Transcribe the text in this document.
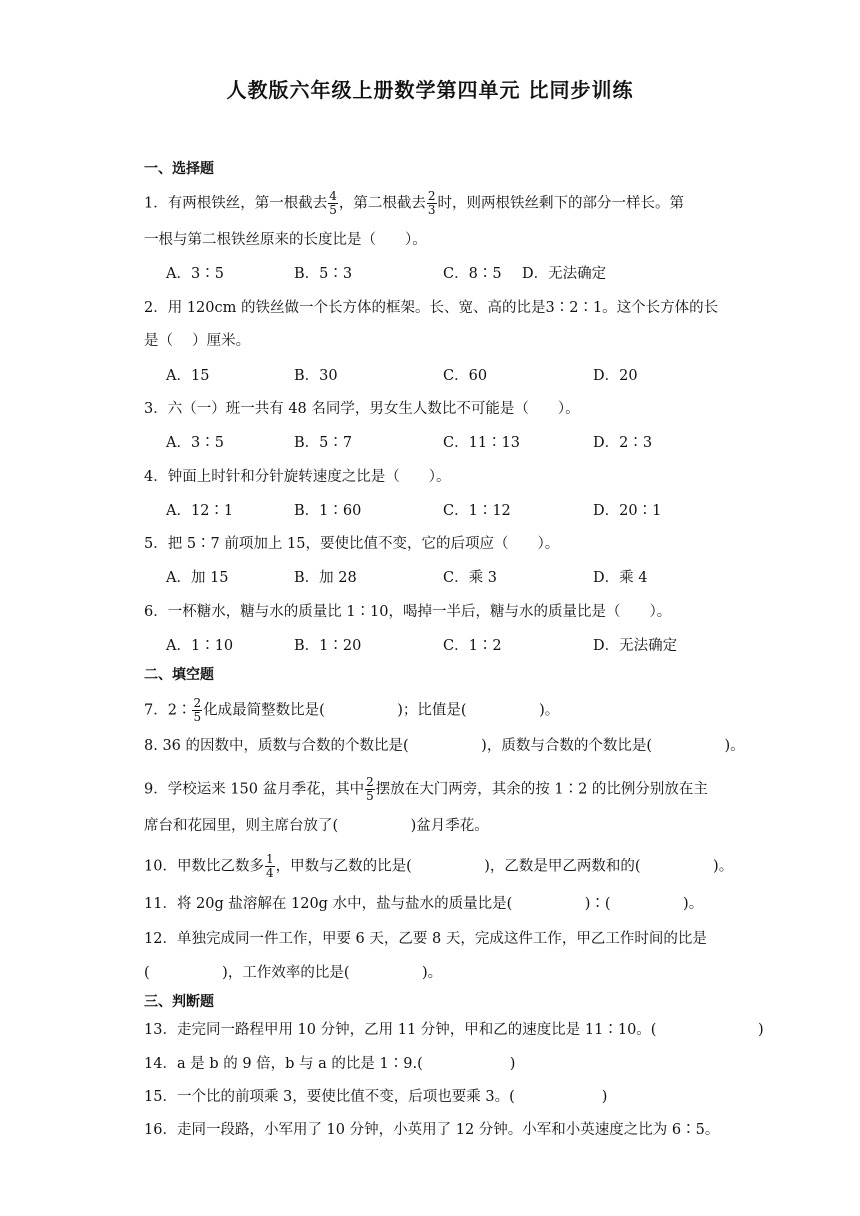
人教版六年级上册数学第四单元 比同步训练
一、选择题
1．有两根铁丝，第一根截去 $\frac{4}{5}$ ，第二根截去 $\frac{2}{3}$ 时，则两根铁丝剩下的部分一样长。第
一根与第二根铁丝原来的长度比是（　　）。
A．3∶5	B．5∶3	C．8∶5 D．无法确定
2．用 120cm 的铁丝做一个长方体的框架。长、宽、高的比是3∶2∶1。这个长方体的长
是（　 ）厘米。
A．15	B．30	C．60	D．20
3．六（一）班一共有 48 名同学，男女生人数比不可能是（　　）。
A．3∶5	B．5∶7	C．11∶13	D．2∶3
4．钟面上时针和分针旋转速度之比是（　　）。
A．12∶1	B．1∶60	C．1∶12	D．20∶1
5．把 5∶7 前项加上 15，要使比值不变，它的后项应（　　）。
A．加 15	B．加 28	C．乘 3	D．乘 4
6．一杯糖水，糖与水的质量比 1∶10，喝掉一半后，糖与水的质量比是（　　）。
A．1∶10	B．1∶20	C．1∶2	D．无法确定
二、填空题
7．2∶ $\frac{2}{5}$ 化成最简整数比是(　　　　　)；比值是(　　　　　)。
8. 36 的因数中，质数与合数的个数比是(　　　　　)，质数与合数的个数比是(　　　　　)。
9．学校运来 150 盆月季花，其中 $\frac{2}{5}$ 摆放在大门两旁，其余的按 1∶2 的比例分别放在主
席台和花园里，则主席台放了(　　　　　)盆月季花。
10．甲数比乙数多 $\frac{1}{4}$ ，甲数与乙数的比是(　　　　　)，乙数是甲乙两数和的(　　　　　)。
11．将 20g 盐溶解在 120g 水中，盐与盐水的质量比是(　　　　　)∶(　　　　　)。
12．单独完成同一件工作，甲要 6 天，乙要 8 天，完成这件工作，甲乙工作时间的比是
(　　　　　)，工作效率的比是(　　　　　)。
三、判断题
13．走完同一路程甲用 10 分钟，乙用 11 分钟，甲和乙的速度比是 11∶10。(　　　　　　　)
14．a 是 b 的 9 倍，b 与 a 的比是 1∶9.(　　　　　　)
15．一个比的前项乘 3，要使比值不变，后项也要乘 3。(　　　　　　)
16．走同一段路，小军用了 10 分钟，小英用了 12 分钟。小军和小英速度之比为 6∶5。
